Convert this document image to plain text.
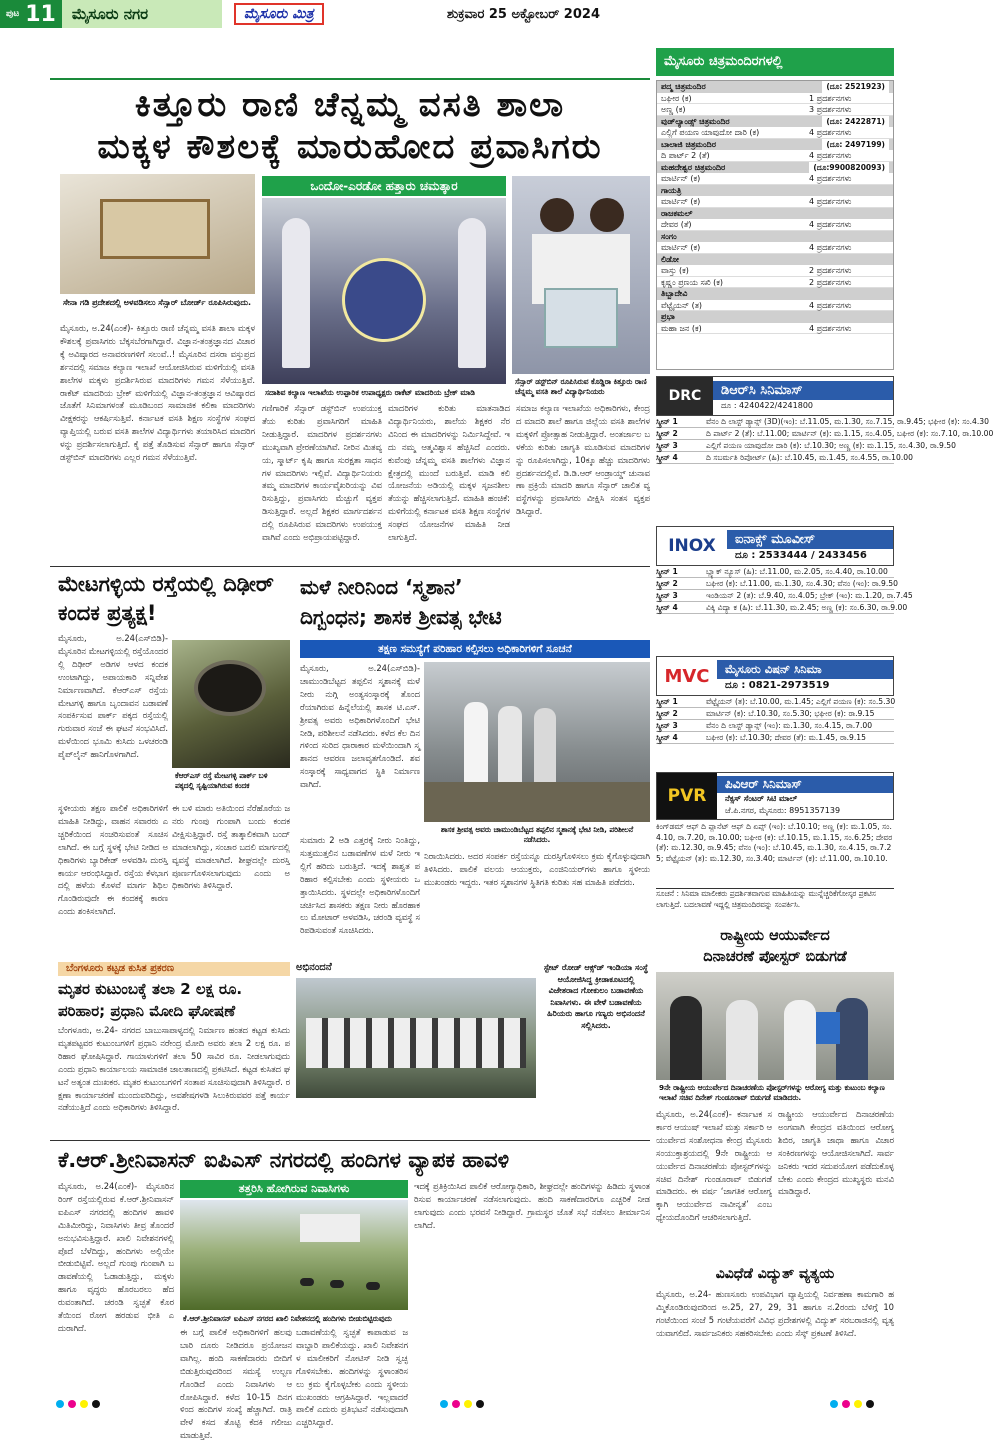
ಪುಟ 11	ಮೈಸೂರು ನಗರ	ಮೈಸೂರು ಮಿತ್ರ	ಶುಕ್ರವಾರ 25 ಅಕ್ಟೋಬರ್ 2024
ಕಿತ್ತೂರು ರಾಣಿ ಚೆನ್ನಮ್ಮ ವಸತಿ ಶಾಲಾ
ಮಕ್ಕಳ ಕೌಶಲಕ್ಕೆ ಮಾರುಹೋದ ಪ್ರವಾಸಿಗರು
ಸೇನಾ ಗಡಿ ಪ್ರದೇಶದಲ್ಲಿ ಅಳವಡಿಸಲು ಸೆನ್ಸಾರ್ ಬೋರ್ಡ್ ರೂಪಿಸಿರುವುದು.
ಒಂದೋ-ಎರಡೋ ಹತ್ತಾರು ಚಮತ್ಕಾರ
ಸದಾಶಿವ ಕಲ್ಯಾಣ ಇಲಾಖೆಯ ಉಪ್ಪಾರಿಕ ಉಪಾಧ್ಯಕ್ಷರು ರಾಕೆಟ್ ಮಾದರಿಯ ಬ್ರೇಕ್ ಮಾಡಿ
ಸೆನ್ಸಾರ್ ಡಸ್ಟ್‌ಬಿನ್ ರೂಪಿಸಿರುವ ಕೊಡ್ಡಿರಾ ಕಿತ್ತೂರು ರಾಣಿ ಚೆನ್ನಮ್ಮ ವಸತಿ ಶಾಲೆ ವಿದ್ಯಾರ್ಥಿನಿಯರು
ಮೈಸೂರು, ಅ.24(ಎಂಕೆ)- ಕಿತ್ತೂರು ರಾಣಿ ಚೆನ್ನಮ್ಮ ವಸತಿ ಶಾಲಾ ಮಕ್ಕಳ ಕೌಶಲಕ್ಕೆ ಪ್ರವಾಸಿಗರು ಬೆಕ್ಕಸಬೆರಗಾಗಿದ್ದಾರೆ. ವಿಜ್ಞಾನ-ತಂತ್ರಜ್ಞಾನದ ವಿಚಾರಕ್ಕೆ ಅವಿಷ್ಕಾರದ ಅನಾವರಣಗಳಿಗೆ ಸಲುವೆ..! ಮೈಸೂರಿನ ದಸರಾ ವಸ್ತುಪ್ರದರ್ಶನದಲ್ಲಿ ಸಮಾಜ ಕಲ್ಯಾಣ ಇಲಾಖೆ ಆಯೋಜಿಸಿರುವ ಮಳಿಗೆಯಲ್ಲಿ ವಸತಿ ಶಾಲೆಗಳ ಮಕ್ಕಳು ಪ್ರದರ್ಶಿಸಿರುವ ಮಾದರಿಗಳು ಗಮನ ಸೆಳೆಯುತ್ತಿವೆ. ರಾಕೆಟ್ ಮಾದರಿಯ ಬ್ರೇಕ್ ಮಳಿಗೆಯಲ್ಲಿ ವಿಜ್ಞಾನ-ತಂತ್ರಜ್ಞಾನ ಆವಿಷ್ಕಾರದ ಜೊತೆಗೆ ಸಿನಿಮಾಗಳಂತೆ ಮೂಡಿಬಂದ ಸಾಮಾಜಿಕ ಕಲಿಕಾ ಮಾದರಿಗಳು ವೀಕ್ಷಕರನ್ನು ಆಕರ್ಷಿಸುತ್ತಿವೆ. ಕರ್ನಾಟಕ ವಸತಿ ಶಿಕ್ಷಣ ಸಂಸ್ಥೆಗಳ ಸಂಘದ ವ್ಯಾಪ್ತಿಯಲ್ಲಿ ಬರುವ ವಸತಿ ಶಾಲೆಗಳ ವಿದ್ಯಾರ್ಥಿಗಳು ತಯಾರಿಸಿದ ಮಾದರಿಗಳನ್ನು ಪ್ರದರ್ಶಿಸಲಾಗುತ್ತಿದೆ. ಕೈ ಪತ್ತೆ ತೊಡಿಸುವ ಸೆನ್ಸಾರ್ ಹಾಗೂ ಸೆನ್ಸಾರ್ ಡಸ್ಟ್‌ಬಿನ್ ಮಾದರಿಗಳು ಎಲ್ಲರ ಗಮನ ಸೆಳೆಯುತ್ತಿವೆ.
ಗಣಿಗಾರಿಕೆ ಸೆನ್ಸಾರ್ ಡಸ್ಟ್‌ಬಿನ್ ಉಪಯುಕ್ತತೆಯ ಕುರಿತು ಪ್ರವಾಸಿಗರಿಗೆ ಮಾಹಿತಿ ನೀಡುತ್ತಿದ್ದಾರೆ. ಮಾದರಿಗಳ ಪ್ರದರ್ಶನಗಳು ಮುಖ್ಯವಾಗಿ ಪ್ರೇರಣೆಯಾಗಿವೆ. ನೀರಿನ ಮಿತವ್ಯಯ, ಸ್ಮಾರ್ಟ್ ಕೃಷಿ ಹಾಗೂ ಸುರಕ್ಷತಾ ಸಾಧನಗಳ ಮಾದರಿಗಳು ಇಲ್ಲಿವೆ. ವಿದ್ಯಾರ್ಥಿನಿಯರು ತಮ್ಮ ಮಾದರಿಗಳ ಕಾರ್ಯವೈಖರಿಯನ್ನು ವಿವರಿಸುತ್ತಿದ್ದು, ಪ್ರವಾಸಿಗರು ಮೆಚ್ಚುಗೆ ವ್ಯಕ್ತಪಡಿಸುತ್ತಿದ್ದಾರೆ. ಅಲ್ಲದೆ ಶಿಕ್ಷಕರ ಮಾರ್ಗದರ್ಶನದಲ್ಲಿ ರೂಪಿಸಿರುವ ಮಾದರಿಗಳು ಉಪಯುಕ್ತವಾಗಿವೆ ಎಂದು ಅಭಿಪ್ರಾಯಪಟ್ಟಿದ್ದಾರೆ.
ಮಾದರಿಗಳ ಕುರಿತು ಮಾತನಾಡಿದ ವಿದ್ಯಾರ್ಥಿನಿಯರು, ಶಾಲೆಯ ಶಿಕ್ಷಕರ ನೆರವಿನಿಂದ ಈ ಮಾದರಿಗಳನ್ನು ನಿರ್ಮಿಸಿದ್ದೇವೆ. ಇದು ನಮ್ಮ ಆತ್ಮವಿಶ್ವಾಸ ಹೆಚ್ಚಿಸಿದೆ ಎಂದರು. ಕುವೆಂಪು ಚೆನ್ನಮ್ಮ ವಸತಿ ಶಾಲೆಗಳು ವಿಜ್ಞಾನ ಕ್ಷೇತ್ರದಲ್ಲಿ ಮುಂದೆ ಬರುತ್ತಿವೆ. ಮಾಡಿ ಕಲಿ ಯೋಜನೆಯ ಅಡಿಯಲ್ಲಿ ಮಕ್ಕಳ ಸೃಜನಶೀಲತೆಯನ್ನು ಹೆಚ್ಚಿಸಲಾಗುತ್ತಿದೆ. ಮಾಹಿತಿ ಹಂಚಿಕೆ: ಮಳಿಗೆಯಲ್ಲಿ ಕರ್ನಾಟಕ ವಸತಿ ಶಿಕ್ಷಣ ಸಂಸ್ಥೆಗಳ ಸಂಘದ ಯೋಜನೆಗಳ ಮಾಹಿತಿ ನೀಡಲಾಗುತ್ತಿದೆ.
ಸಮಾಜ ಕಲ್ಯಾಣ ಇಲಾಖೆಯ ಅಧಿಕಾರಿಗಳು, ಕೇಂದ್ರದ ಮಾದರಿ ಶಾಲೆ ಹಾಗೂ ಜಿಲ್ಲೆಯ ವಸತಿ ಶಾಲೆಗಳ ಮಕ್ಕಳಿಗೆ ಪ್ರೋತ್ಸಾಹ ನೀಡುತ್ತಿದ್ದಾರೆ. ಅಂತರ್ಜಾಲ ಬಳಕೆಯ ಕುರಿತು ಜಾಗೃತಿ ಮೂಡಿಸುವ ಮಾದರಿಗಳನ್ನು ರೂಪಿಸಲಾಗಿದ್ದು, 10ಕ್ಕೂ ಹೆಚ್ಚು ಮಾದರಿಗಳು ಪ್ರದರ್ಶನದಲ್ಲಿವೆ. ಡಿ.ಡಿ.ಆರ್ ಆಂಡ್ರಾಯ್ಡ್ ಚುನಾವಣಾ ಪ್ರಕ್ರಿಯೆ ಮಾದರಿ ಹಾಗೂ ಸೆನ್ಸಾರ್ ಚಾಲಿತ ವ್ಯವಸ್ಥೆಗಳನ್ನು ಪ್ರವಾಸಿಗರು ವೀಕ್ಷಿಸಿ ಸಂತಸ ವ್ಯಕ್ತಪಡಿಸಿದ್ದಾರೆ.
ಮೇಟಗಳ್ಳಿಯ ರಸ್ತೆಯಲ್ಲಿ ದಿಢೀರ್ ಕಂದಕ ಪ್ರತ್ಯಕ್ಷ!
ಮೈಸೂರು, ಅ.24(ಎಸ್‌ಬಿಡಿ)- ಮೈಸೂರಿನ ಮೇಟಗಳ್ಳಿಯಲ್ಲಿ ರಸ್ತೆಯೊಂದರಲ್ಲಿ ದಿಢೀರ್ ಅಡಿಗಳ ಆಳದ ಕಂದಕ ಉಂಟಾಗಿದ್ದು, ಅಪಾಯಕಾರಿ ಸನ್ನಿವೇಶ ನಿರ್ಮಾಣವಾಗಿದೆ. ಕೆಆರ್‌ಎಸ್ ರಸ್ತೆಯ ಮೇಟಗಳ್ಳಿ ಹಾಗೂ ಬೃಂದಾವನ ಬಡಾವಣೆ ಸಂಪರ್ಕಿಸುವ ಪಾರ್ಕ್ ಪಕ್ಕದ ರಸ್ತೆಯಲ್ಲಿ ಗುರುವಾರ ಸಂಜೆ ಈ ಘಟನೆ ಸಂಭವಿಸಿದೆ. ಮಳೆಯಿಂದ ಭೂಮಿ ಕುಸಿದು ಒಳಚರಂಡಿ ಪೈಪ್‌ಲೈನ್ ಹಾನಿಗೊಳಗಾಗಿದೆ.
ಕೆಆರ್‌ಎಸ್ ರಸ್ತೆ ಮೇಟಗಳ್ಳಿ ಪಾರ್ಕ್ ಬಳಿ ಪಕ್ಕದಲ್ಲಿ ಸೃಷ್ಟಿಯಾಗಿರುವ ಕಂದಕ
ಸ್ಥಳೀಯರು ತಕ್ಷಣ ಪಾಲಿಕೆ ಅಧಿಕಾರಿಗಳಿಗೆ ಮಾಹಿತಿ ನೀಡಿದ್ದು, ವಾಹನ ಸವಾರರು ಎಚ್ಚರಿಕೆಯಿಂದ ಸಂಚರಿಸುವಂತೆ ಸೂಚಿಸಲಾಗಿದೆ. ಈ ಬಗ್ಗೆ ಸ್ಥಳಕ್ಕೆ ಭೇಟಿ ನೀಡಿದ ಅಧಿಕಾರಿಗಳು ಬ್ಯಾರಿಕೇಡ್ ಅಳವಡಿಸಿ ದುರಸ್ತಿ ಕಾರ್ಯ ಆರಂಭಿಸಿದ್ದಾರೆ. ರಸ್ತೆಯ ಕೆಳಭಾಗದಲ್ಲಿ ಹಳೆಯ ಕೊಳವೆ ಮಾರ್ಗ ಶಿಥಿಲಗೊಂಡಿರುವುದೇ ಈ ಕಂದಕಕ್ಕೆ ಕಾರಣ ಎಂದು ಶಂಕಿಸಲಾಗಿದೆ.
ಈ ಬಳಿ ಮಾರು ಅತಿಯಿಂದ ನೆರೆಹೊರೆಯ ಜನರು ಗುಂಪು ಗುಂಪಾಗಿ ಬಂದು ಕಂದಕ ವೀಕ್ಷಿಸುತ್ತಿದ್ದಾರೆ. ರಸ್ತೆ ತಾತ್ಕಾಲಿಕವಾಗಿ ಬಂದ್ ಮಾಡಲಾಗಿದ್ದು, ಸಂಚಾರ ಬದಲಿ ಮಾರ್ಗದಲ್ಲಿ ವ್ಯವಸ್ಥೆ ಮಾಡಲಾಗಿದೆ. ಶೀಘ್ರದಲ್ಲೇ ದುರಸ್ತಿ ಪೂರ್ಣಗೊಳಿಸಲಾಗುವುದು ಎಂದು ಅಧಿಕಾರಿಗಳು ತಿಳಿಸಿದ್ದಾರೆ.
ಮಳೆ ನೀರಿನಿಂದ ‘ಸ್ಮಶಾನ’
ದಿಗ್ಬಂಧನ; ಶಾಸಕ ಶ್ರೀವತ್ಸ ಭೇಟಿ
ತಕ್ಷಣ ಸಮಸ್ಯೆಗೆ ಪರಿಹಾರ ಕಲ್ಪಿಸಲು ಅಧಿಕಾರಿಗಳಿಗೆ ಸೂಚನೆ
ಮೈಸೂರು, ಅ.24(ಎಸ್‌ಬಿಡಿ)- ಚಾಮುಂಡಿಬೆಟ್ಟದ ತಪ್ಪಲಿನ ಸ್ಮಶಾನಕ್ಕೆ ಮಳೆ ನೀರು ನುಗ್ಗಿ ಅಂತ್ಯಸಂಸ್ಕಾರಕ್ಕೆ ತೊಂದರೆಯಾಗಿರುವ ಹಿನ್ನೆಲೆಯಲ್ಲಿ ಶಾಸಕ ಟಿ.ಎಸ್.ಶ್ರೀವತ್ಸ ಅವರು ಅಧಿಕಾರಿಗಳೊಂದಿಗೆ ಭೇಟಿ ನೀಡಿ, ಪರಿಶೀಲನೆ ನಡೆಸಿದರು. ಕಳೆದ ಕೆಲ ದಿನಗಳಿಂದ ಸುರಿದ ಧಾರಾಕಾರ ಮಳೆಯಿಂದಾಗಿ ಸ್ಮಶಾನದ ಆವರಣ ಜಲಾವೃತಗೊಂಡಿದೆ. ಶವಸಂಸ್ಕಾರಕ್ಕೆ ಸಾಧ್ಯವಾಗದ ಸ್ಥಿತಿ ನಿರ್ಮಾಣವಾಗಿದೆ.
ಶಾಸಕ ಶ್ರೀವತ್ಸ ಅವರು ಚಾಮುಂಡಿಬೆಟ್ಟದ ತಪ್ಪಲಿನ ಸ್ಮಶಾನಕ್ಕೆ ಭೇಟಿ ನೀಡಿ, ಪರಿಶೀಲನೆ ನಡೆಸಿದರು.
ಸುಮಾರು 2 ಅಡಿ ಎತ್ತರಕ್ಕೆ ನೀರು ನಿಂತಿದ್ದು, ಸುತ್ತಮುತ್ತಲಿನ ಬಡಾವಣೆಗಳ ಮಳೆ ನೀರು ಇಲ್ಲಿಗೆ ಹರಿದು ಬರುತ್ತಿದೆ. ಇದಕ್ಕೆ ಶಾಶ್ವತ ಪರಿಹಾರ ಕಲ್ಪಿಸಬೇಕು ಎಂದು ಸ್ಥಳೀಯರು ಒತ್ತಾಯಿಸಿದರು. ಸ್ಥಳದಲ್ಲೇ ಅಧಿಕಾರಿಗಳೊಂದಿಗೆ ಚರ್ಚಿಸಿದ ಶಾಸಕರು ತಕ್ಷಣ ನೀರು ಹೊರಹಾಕಲು ಮೋಟಾರ್ ಅಳವಡಿಸಿ, ಚರಂಡಿ ವ್ಯವಸ್ಥೆ ಸರಿಪಡಿಸುವಂತೆ ಸೂಚಿಸಿದರು.
ನಿರಾಯಿಸಿದರು. ಅದರ ಸಂಪರ್ಕ ರಸ್ತೆಯನ್ನೂ ದುರಸ್ತಿಗೊಳಿಸಲು ಕ್ರಮ ಕೈಗೊಳ್ಳುವುದಾಗಿ ತಿಳಿಸಿದರು. ಪಾಲಿಕೆ ವಲಯ ಆಯುಕ್ತರು, ಎಂಜಿನಿಯರ್‌ಗಳು ಹಾಗೂ ಸ್ಥಳೀಯ ಮುಖಂಡರು ಇದ್ದರು. ಇತರ ಸ್ಮಶಾನಗಳ ಸ್ಥಿತಿಗತಿ ಕುರಿತು ಸಹ ಮಾಹಿತಿ ಪಡೆದರು.
ಬೆಂಗಳೂರು ಕಟ್ಟಡ ಕುಸಿತ ಪ್ರಕರಣ
ಮೃತರ ಕುಟುಂಬಕ್ಕೆ ತಲಾ 2 ಲಕ್ಷ ರೂ.
ಪರಿಹಾರ; ಪ್ರಧಾನಿ ಮೋದಿ ಘೋಷಣೆ
ಬೆಂಗಳೂರು, ಅ.24- ನಗರದ ಬಾಬುಸಾಪಾಳ್ಯದಲ್ಲಿ ನಿರ್ಮಾಣ ಹಂತದ ಕಟ್ಟಡ ಕುಸಿದು ಮೃತಪಟ್ಟವರ ಕುಟುಂಬಗಳಿಗೆ ಪ್ರಧಾನಿ ನರೇಂದ್ರ ಮೋದಿ ಅವರು ತಲಾ 2 ಲಕ್ಷ ರೂ. ಪರಿಹಾರ ಘೋಷಿಸಿದ್ದಾರೆ. ಗಾಯಾಳುಗಳಿಗೆ ತಲಾ 50 ಸಾವಿರ ರೂ. ನೀಡಲಾಗುವುದು ಎಂದು ಪ್ರಧಾನಿ ಕಾರ್ಯಾಲಯ ಸಾಮಾಜಿಕ ಜಾಲತಾಣದಲ್ಲಿ ಪ್ರಕಟಿಸಿದೆ. ಕಟ್ಟಡ ಕುಸಿತದ ಘಟನೆ ಅತ್ಯಂತ ದುಃಖಕರ. ಮೃತರ ಕುಟುಂಬಗಳಿಗೆ ಸಂತಾಪ ಸೂಚಿಸುವುದಾಗಿ ತಿಳಿಸಿದ್ದಾರೆ. ರಕ್ಷಣಾ ಕಾರ್ಯಾಚರಣೆ ಮುಂದುವರಿದಿದ್ದು, ಅವಶೇಷಗಳಡಿ ಸಿಲುಕಿರುವವರ ಪತ್ತೆ ಕಾರ್ಯ ನಡೆಯುತ್ತಿದೆ ಎಂದು ಅಧಿಕಾರಿಗಳು ತಿಳಿಸಿದ್ದಾರೆ.
ಅಭಿನಂದನೆ	ಸ್ಟೇಟ್ ರೋಡ್ ಆಕ್ಸ್‌ಡ್ ಇಂಡಿಯಾ ಸಂಸ್ಥೆ ಆಯೋಜಿಸಿದ್ದ ಕ್ರೀಡಾಕೂಟದಲ್ಲಿ ವಿಜೇತರಾದ ಗೋಕುಲಂ ಬಡಾವಣೆಯ ನಿವಾಸಿಗಳು. ಈ ವೇಳೆ ಬಡಾವಣೆಯ ಹಿರಿಯರು ಹಾಗೂ ಗಣ್ಯರು ಅಭಿನಂದನೆ ಸಲ್ಲಿಸಿದರು.
ಕೆ.ಆರ್.ಶ್ರೀನಿವಾಸನ್ ಐಪಿಎಸ್ ನಗರದಲ್ಲಿ ಹಂದಿಗಳ ವ್ಯಾಪಕ ಹಾವಳಿ
ಮೈಸೂರು, ಅ.24(ಎಂಕೆ)- ಮೈಸೂರಿನ ರಿಂಗ್ ರಸ್ತೆಯಲ್ಲಿರುವ ಕೆ.ಆರ್.ಶ್ರೀನಿವಾಸನ್ ಐಪಿಎಸ್ ನಗರದಲ್ಲಿ ಹಂದಿಗಳ ಹಾವಳಿ ಮಿತಿಮೀರಿದ್ದು, ನಿವಾಸಿಗಳು ತೀವ್ರ ತೊಂದರೆ ಅನುಭವಿಸುತ್ತಿದ್ದಾರೆ. ಖಾಲಿ ನಿವೇಶನಗಳಲ್ಲಿ ಪೊದೆ ಬೆಳೆದಿದ್ದು, ಹಂದಿಗಳು ಅಲ್ಲಿಯೇ ಬೀಡುಬಿಟ್ಟಿವೆ. ಅಲ್ಲದೆ ಗುಂಪು ಗುಂಪಾಗಿ ಬಡಾವಣೆಯಲ್ಲಿ ಓಡಾಡುತ್ತಿದ್ದು, ಮಕ್ಕಳು ಹಾಗೂ ವೃದ್ಧರು ಹೊರಬರಲು ಹೆದರುವಂತಾಗಿದೆ. ಚರಂಡಿ ಸ್ವಚ್ಛತೆ ಕೊರತೆಯಿಂದ ರೋಗ ಹರಡುವ ಭೀತಿ ಎದುರಾಗಿದೆ.
ತತ್ತರಿಸಿ ಹೋಗಿರುವ ನಿವಾಸಿಗಳು
ಕೆ.ಆರ್.ಶ್ರೀನಿವಾಸನ್ ಐಪಿಎಸ್ ನಗರದ ಖಾಲಿ ನಿವೇಶನದಲ್ಲಿ ಹಂದಿಗಳು ಬೀಡುಬಿಟ್ಟಿರುವುದು
ಈ ಬಗ್ಗೆ ಪಾಲಿಕೆ ಅಧಿಕಾರಿಗಳಿಗೆ ಹಲವು ಬಾರಿ ದೂರು ನೀಡಿದರೂ ಪ್ರಯೋಜನವಾಗಿಲ್ಲ. ಹಂದಿ ಸಾಕಣೆದಾರರು ಬೀದಿಗೆ ಬಿಡುತ್ತಿರುವುದರಿಂದ ಸಮಸ್ಯೆ ಉಲ್ಬಣಗೊಂಡಿದೆ ಎಂದು ನಿವಾಸಿಗಳು ಆರೋಪಿಸಿದ್ದಾರೆ. ಕಳೆದ 10-15 ದಿನಗಳಿಂದ ಹಂದಿಗಳ ಸಂಖ್ಯೆ ಹೆಚ್ಚಾಗಿದೆ. ರಾತ್ರಿ ವೇಳೆ ಕಸದ ತೊಟ್ಟಿ ಕೆದಕಿ ಗಲೀಜು ಮಾಡುತ್ತಿವೆ.
ಬಡಾವಣೆಯಲ್ಲಿ ಸ್ವಚ್ಛತೆ ಕಾಪಾಡುವ ಜವಾಬ್ದಾರಿ ಪಾಲಿಕೆಯದ್ದು. ಖಾಲಿ ನಿವೇಶನಗಳ ಮಾಲೀಕರಿಗೆ ನೋಟಿಸ್ ನೀಡಿ ಸ್ವಚ್ಛಗೊಳಿಸಬೇಕು. ಹಂದಿಗಳನ್ನು ಸ್ಥಳಾಂತರಿಸಲು ಕ್ರಮ ಕೈಗೊಳ್ಳಬೇಕು ಎಂದು ಸ್ಥಳೀಯ ಮುಖಂಡರು ಆಗ್ರಹಿಸಿದ್ದಾರೆ. ಇಲ್ಲವಾದರೆ ಪಾಲಿಕೆ ಎದುರು ಪ್ರತಿಭಟನೆ ನಡೆಸುವುದಾಗಿ ಎಚ್ಚರಿಸಿದ್ದಾರೆ.
ಇದಕ್ಕೆ ಪ್ರತಿಕ್ರಿಯಿಸಿದ ಪಾಲಿಕೆ ಆರೋಗ್ಯಾಧಿಕಾರಿ, ಶೀಘ್ರದಲ್ಲೇ ಹಂದಿಗಳನ್ನು ಹಿಡಿದು ಸ್ಥಳಾಂತರಿಸುವ ಕಾರ್ಯಾಚರಣೆ ನಡೆಸಲಾಗುವುದು. ಹಂದಿ ಸಾಕಣೆದಾರರಿಗೂ ಎಚ್ಚರಿಕೆ ನೀಡಲಾಗುವುದು ಎಂದು ಭರವಸೆ ನೀಡಿದ್ದಾರೆ. ಗ್ರಾಮಸ್ಥರ ಜೊತೆ ಸಭೆ ನಡೆಸಲು ತೀರ್ಮಾನಿಸಲಾಗಿದೆ.
ಮೈಸೂರು ಚಿತ್ರಮಂದಿರಗಳಲ್ಲಿ
ಪದ್ಮ ಚಿತ್ರಮಂದಿರ	(ದೂ: 2521923)
ಬಘೀರ (ಕ)	1 ಪ್ರದರ್ಶನಗಳು
ಅಣ್ಣ (ಕ)	3 ಪ್ರದರ್ಶನಗಳು
ವುಡ್‌ಲ್ಯಾಂಡ್ಸ್ ಚಿತ್ರಮಂದಿರ	(ದೂ: 2422871)
ಎಲ್ಲಿಗೆ ಪಯಣ ಯಾವುದೋ ದಾರಿ (ಕ)	4 ಪ್ರದರ್ಶನಗಳು
ಬಾಲಾಜಿ ಚಿತ್ರಮಂದಿರ	(ದೂ: 2497199)
ದಿ ಪಾರ್ಟ್ 2 (ತೆ)	4 ಪ್ರದರ್ಶನಗಳು
ಮಹದೇಶ್ವರ ಚಿತ್ರಮಂದಿರ	(ದೂ:9900820093)
ಮಾರ್ಟಿನ್ (ಕ)	4 ಪ್ರದರ್ಶನಗಳು
ಗಾಯತ್ರಿ
ಮಾರ್ಟಿನ್ (ಕ)	4 ಪ್ರದರ್ಶನಗಳು
ರಾಜಕಮಲ್
ದೇವರ (ತೆ)	4 ಪ್ರದರ್ಶನಗಳು
ಸಂಗಂ
ಮಾರ್ಟಿನ್ (ಕ)	4 ಪ್ರದರ್ಶನಗಳು
ಲಿಡೋ
ವಾಸ್ತು (ಕ)	2 ಪ್ರದರ್ಶನಗಳು
ಕೃಷ್ಣಂ ಪ್ರಣಯ ಸಖಿ (ಕ)	2 ಪ್ರದರ್ಶನಗಳು
ತಿಬ್ಬಾದೇವಿ
ವೆಟ್ಟೈಯನ್ (ತ)	4 ಪ್ರದರ್ಶನಗಳು
ಪ್ರಭಾ
ಮಹಾ ಜನ (ಕ)	4 ಪ್ರದರ್ಶನಗಳು
DRC	ಡಿಆರ್‌ಸಿ ಸಿನಿಮಾಸ್
ದೂ : 4240422/4241800
ಸ್ಕ್ರೀನ್ 1	ವೆನಂ ದಿ ಲಾಸ್ಟ್ ಡ್ಯಾನ್ಸ್ (3D)(ಇಂ): ಬೆ.11.05, ಮ.1.30, ಸಂ.7.15, ರಾ.9.45; ಭಘೀರ (ಕ): ಸಂ.4.30
ಸ್ಕ್ರೀನ್ 2	ದಿ ಪಾರ್ಟ್ 2 (ತೆ): ಬೆ.11.00; ಮಾರ್ಟಿನ್ (ಕ): ಮ.1.15, ಸಂ.4.05, ಬಘೀರ (ಕ): ಸಂ.7.10, ರಾ.10.00
ಸ್ಕ್ರೀನ್ 3	ಎಲ್ಲಿಗೆ ಪಯಣ ಯಾವುದೋ ದಾರಿ (ಕ): ಬೆ.10.30; ಅಣ್ಣ (ಕ): ಮ.1.15, ಸಂ.4.30, ರಾ.9.50
ಸ್ಕ್ರೀನ್ 4	ದಿ ಸಬರ್ಮತಿ ರಿಪೋರ್ಟ್ (ಹಿ): ಬೆ.10.45, ಮ.1.45, ಸಂ.4.55, ರಾ.10.00
INOX	ಐನಾಕ್ಸ್ ಮೂವೀಸ್
ದೂ : 2533444 / 2433456
ಸ್ಕ್ರೀನ್ 1	ಬ್ಲ್ಯಾಕ್ ನ್ಯೂಸ್ (ಹಿ): ಬೆ.11.00, ಮ.2.05, ಸಂ.4.40, ರಾ.10.00
ಸ್ಕ್ರೀನ್ 2	ಬಘೀರ (ಕ): ಬೆ.11.00, ಮ.1.30, ಸಂ.4.30; ವೆನಂ (ಇಂ): ರಾ.9.50
ಸ್ಕ್ರೀನ್ 3	ಇಂಡಿಯನ್ 2 (ತ): ಬೆ.9.40, ಸಂ.4.05; ಬ್ರೇಕ್ (ಇಂ): ಮ.1.20, ರಾ.7.45
ಸ್ಕ್ರೀನ್ 4	ವಿಕ್ಕಿ ವಿದ್ಯಾ ಕ (ಹಿ): ಬೆ.11.30, ಮ.2.45; ಅಣ್ಣ (ಕ): ಸಂ.6.30, ರಾ.9.00
MVC	ಮೈಸೂರು ವಿಷನ್ ಸಿನಿಮಾ
ದೂ : 0821-2973519
ಸ್ಕ್ರೀನ್ 1	ವೆಟ್ಟೈಯನ್ (ತ): ಬೆ.10.00, ಮ.1.45; ಎಲ್ಲಿಗೆ ಪಯಣ (ಕ): ಸಂ.5.30
ಸ್ಕ್ರೀನ್ 2	ಮಾರ್ಟಿನ್ (ಕ): ಬೆ.10.30, ಸಂ.5.30; ಭಘೀರ (ಕ): ರಾ.9.15
ಸ್ಕ್ರೀನ್ 3	ವೆನಂ ದಿ ಲಾಸ್ಟ್ ಡ್ಯಾನ್ಸ್ (ಇಂ): ಮ.1.30, ಸಂ.4.15, ರಾ.7.00
ಸ್ಕ್ರೀನ್ 4	ಬಘೀರ (ಕ): ಬೆ.10.30; ದೇವರ (ತೆ): ಮ.1.45, ರಾ.9.15
PVR
ಪಿವಿಆರ್ ಸಿನಿಮಾಸ್
ನೆಕ್ಸಸ್ ಸೆಂಟರ್ ಸಿಟಿ ಮಾಲ್
ಜೆ.ಪಿ.ನಗರ, ಮೈಸೂರು: 8951357139
ಕಿಂಗ್‌ಡಮ್ ಆಫ್ ದಿ ಪ್ಲಾನೆಟ್ ಆಫ್ ದಿ ಏಪ್ಸ್ (ಇಂ): ಬೆ.10.10; ಅಣ್ಣ (ಕ): ಮ.1.05, ಸಂ.4.10, ರಾ.7.20, ರಾ.10.00; ಬಘೀರ (ಕ): ಬೆ.10.15, ಮ.1.15, ಸಂ.6.25; ದೇವರ (ತೆ): ಮ.12.30, ರಾ.9.45; ವೆನಂ (ಇಂ): ಬೆ.10.45, ಮ.1.30, ಸಂ.4.15, ರಾ.7.25; ವೆಟ್ಟೈಯನ್ (ತ): ಮ.12.30, ಸಂ.3.40; ಮಾರ್ಟಿನ್ (ಕ): ಬೆ.11.00, ರಾ.10.10.
ಸೂಚನೆ : ಸಿನಿಮಾ ಮಾಲೀಕರು ಪ್ರದರ್ಶಿತವಾಗುವ ಮಾಹಿತಿಯನ್ನು ಮುನ್ನೆಚ್ಚರಿಕೆಗೋಸ್ಕರ ಪ್ರಕಟಿಸಲಾಗುತ್ತಿದೆ. ಬದಲಾವಣೆ ಇದ್ದಲ್ಲಿ ಚಿತ್ರಮಂದಿರವನ್ನು ಸಂಪರ್ಕಿಸಿ.
ರಾಷ್ಟ್ರೀಯ ಆಯುರ್ವೇದ
ದಿನಾಚರಣೆ ಪೋಸ್ಟರ್ ಬಿಡುಗಡೆ
9ನೇ ರಾಷ್ಟ್ರೀಯ ಆಯುರ್ವೇದ ದಿನಾಚರಣೆಯ ಪೋಸ್ಟರ್‌ಗಳನ್ನು ಆರೋಗ್ಯ ಮತ್ತು ಕುಟುಂಬ ಕಲ್ಯಾಣ ಇಲಾಖೆ ಸಚಿವ ದಿನೇಶ್ ಗುಂಡೂರಾವ್ ಬಿಡುಗಡೆ ಮಾಡಿದರು.
ಮೈಸೂರು, ಅ.24(ಎಂಕೆ)- ಕರ್ನಾಟಕ ಸರ್ಕಾರ ಆಯುಷ್ ಇಲಾಖೆ ಮತ್ತು ಸರ್ಕಾರಿ ಆಯುರ್ವೇದ ಸಂಶೋಧನಾ ಕೇಂದ್ರ ಮೈಸೂರು ಸಂಯುಕ್ತಾಶ್ರಯದಲ್ಲಿ 9ನೇ ರಾಷ್ಟ್ರೀಯ ಆಯುರ್ವೇದ ದಿನಾಚರಣೆಯ ಪೋಸ್ಟರ್‌ಗಳನ್ನು ಸಚಿವ ದಿನೇಶ್ ಗುಂಡೂರಾವ್ ಬಿಡುಗಡೆ ಮಾಡಿದರು. ಈ ವರ್ಷ ‘ಜಾಗತಿಕ ಆರೋಗ್ಯಕ್ಕಾಗಿ ಆಯುರ್ವೇದ ನಾವೀನ್ಯತೆ’ ಎಂಬ ಧ್ಯೇಯದೊಂದಿಗೆ ಆಚರಿಸಲಾಗುತ್ತಿದೆ.
ರಾಷ್ಟ್ರೀಯ ಆಯುರ್ವೇದ ದಿನಾಚರಣೆಯ ಅಂಗವಾಗಿ ಕೇಂದ್ರದ ವತಿಯಿಂದ ಆರೋಗ್ಯ ಶಿಬಿರ, ಜಾಗೃತಿ ಜಾಥಾ ಹಾಗೂ ವಿಚಾರ ಸಂಕಿರಣಗಳನ್ನು ಆಯೋಜಿಸಲಾಗಿದೆ. ಸಾರ್ವಜನಿಕರು ಇದರ ಸದುಪಯೋಗ ಪಡೆದುಕೊಳ್ಳಬೇಕು ಎಂದು ಕೇಂದ್ರದ ಮುಖ್ಯಸ್ಥರು ಮನವಿ ಮಾಡಿದ್ದಾರೆ.
ವಿವಿಧೆಡೆ ವಿದ್ಯುತ್ ವ್ಯತ್ಯಯ
ಮೈಸೂರು, ಅ.24- ಹುಣಸೂರು ಉಪವಿಭಾಗ ವ್ಯಾಪ್ತಿಯಲ್ಲಿ ನಿರ್ವಹಣಾ ಕಾಮಗಾರಿ ಹಮ್ಮಿಕೊಂಡಿರುವುದರಿಂದ ಅ.25, 27, 29, 31 ಹಾಗೂ ನ.2ರಂದು ಬೆಳಿಗ್ಗೆ 10 ಗಂಟೆಯಿಂದ ಸಂಜೆ 5 ಗಂಟೆಯವರೆಗೆ ವಿವಿಧ ಪ್ರದೇಶಗಳಲ್ಲಿ ವಿದ್ಯುತ್ ಸರಬರಾಜಿನಲ್ಲಿ ವ್ಯತ್ಯಯವಾಗಲಿದೆ. ಸಾರ್ವಜನಿಕರು ಸಹಕರಿಸಬೇಕು ಎಂದು ಸೆಸ್ಕ್ ಪ್ರಕಟಣೆ ತಿಳಿಸಿದೆ.
